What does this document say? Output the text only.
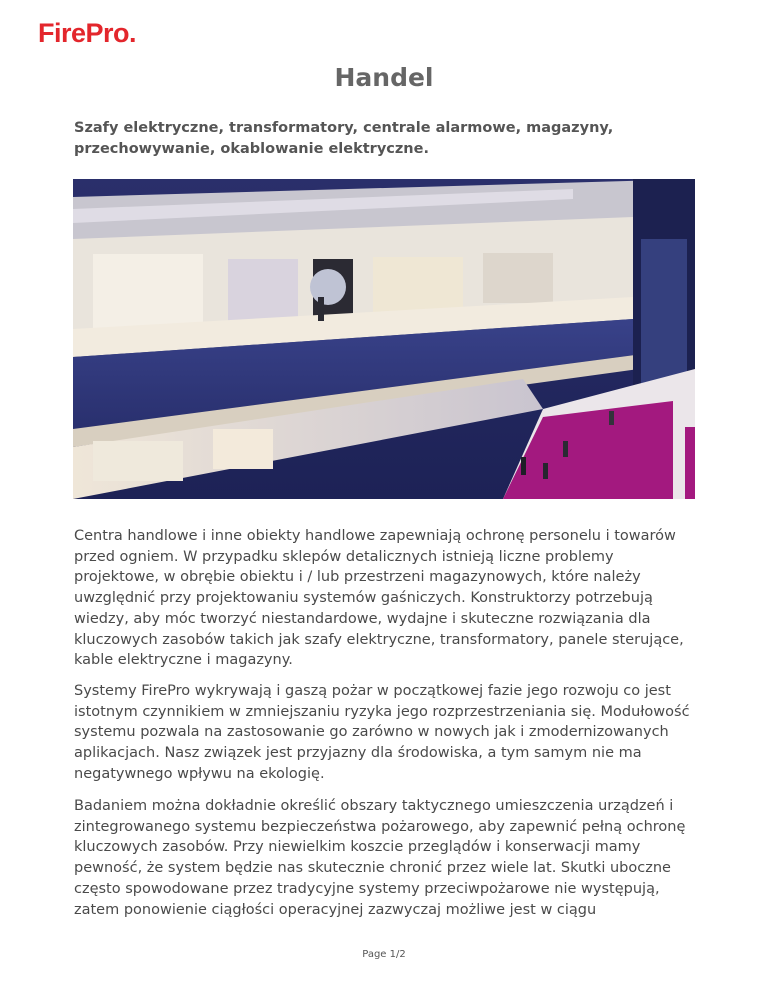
FirePro.
Handel
Szafy elektryczne, transformatory, centrale alarmowe, magazyny, przechowywanie, okablowanie elektryczne.

Centra handlowe i inne obiekty handlowe zapewniają ochronę personelu i towarów przed ogniem. W przypadku sklepów detalicznych istnieją liczne problemy projektowe, w obrębie obiektu i / lub przestrzeni magazynowych, które należy uwzględnić przy projektowaniu systemów gaśniczych. Konstruktorzy potrzebują wiedzy, aby móc tworzyć niestandardowe, wydajne i skuteczne rozwiązania dla kluczowych zasobów takich jak szafy elektryczne, transformatory, panele sterujące, kable elektryczne i magazyny.

Systemy FirePro wykrywają i gaszą pożar w początkowej fazie jego rozwoju co jest istotnym czynnikiem w zmniejszaniu ryzyka jego rozprzestrzeniania się. Modułowość systemu pozwala na zastosowanie go zarówno w nowych jak i zmodernizowanych aplikacjach. Nasz związek jest przyjazny dla środowiska, a tym samym nie ma negatywnego wpływu na ekologię.

Badaniem można dokładnie określić obszary taktycznego umieszczenia urządzeń i zintegrowanego systemu bezpieczeństwa pożarowego, aby zapewnić pełną ochronę kluczowych zasobów. Przy niewielkim koszcie przeglądów i konserwacji mamy pewność, że system będzie nas skutecznie chronić przez wiele lat. Skutki uboczne często spowodowane przez tradycyjne systemy przeciwpożarowe nie występują, zatem ponowienie ciągłości operacyjnej zazwyczaj możliwe jest w ciągu

Page 1/2
